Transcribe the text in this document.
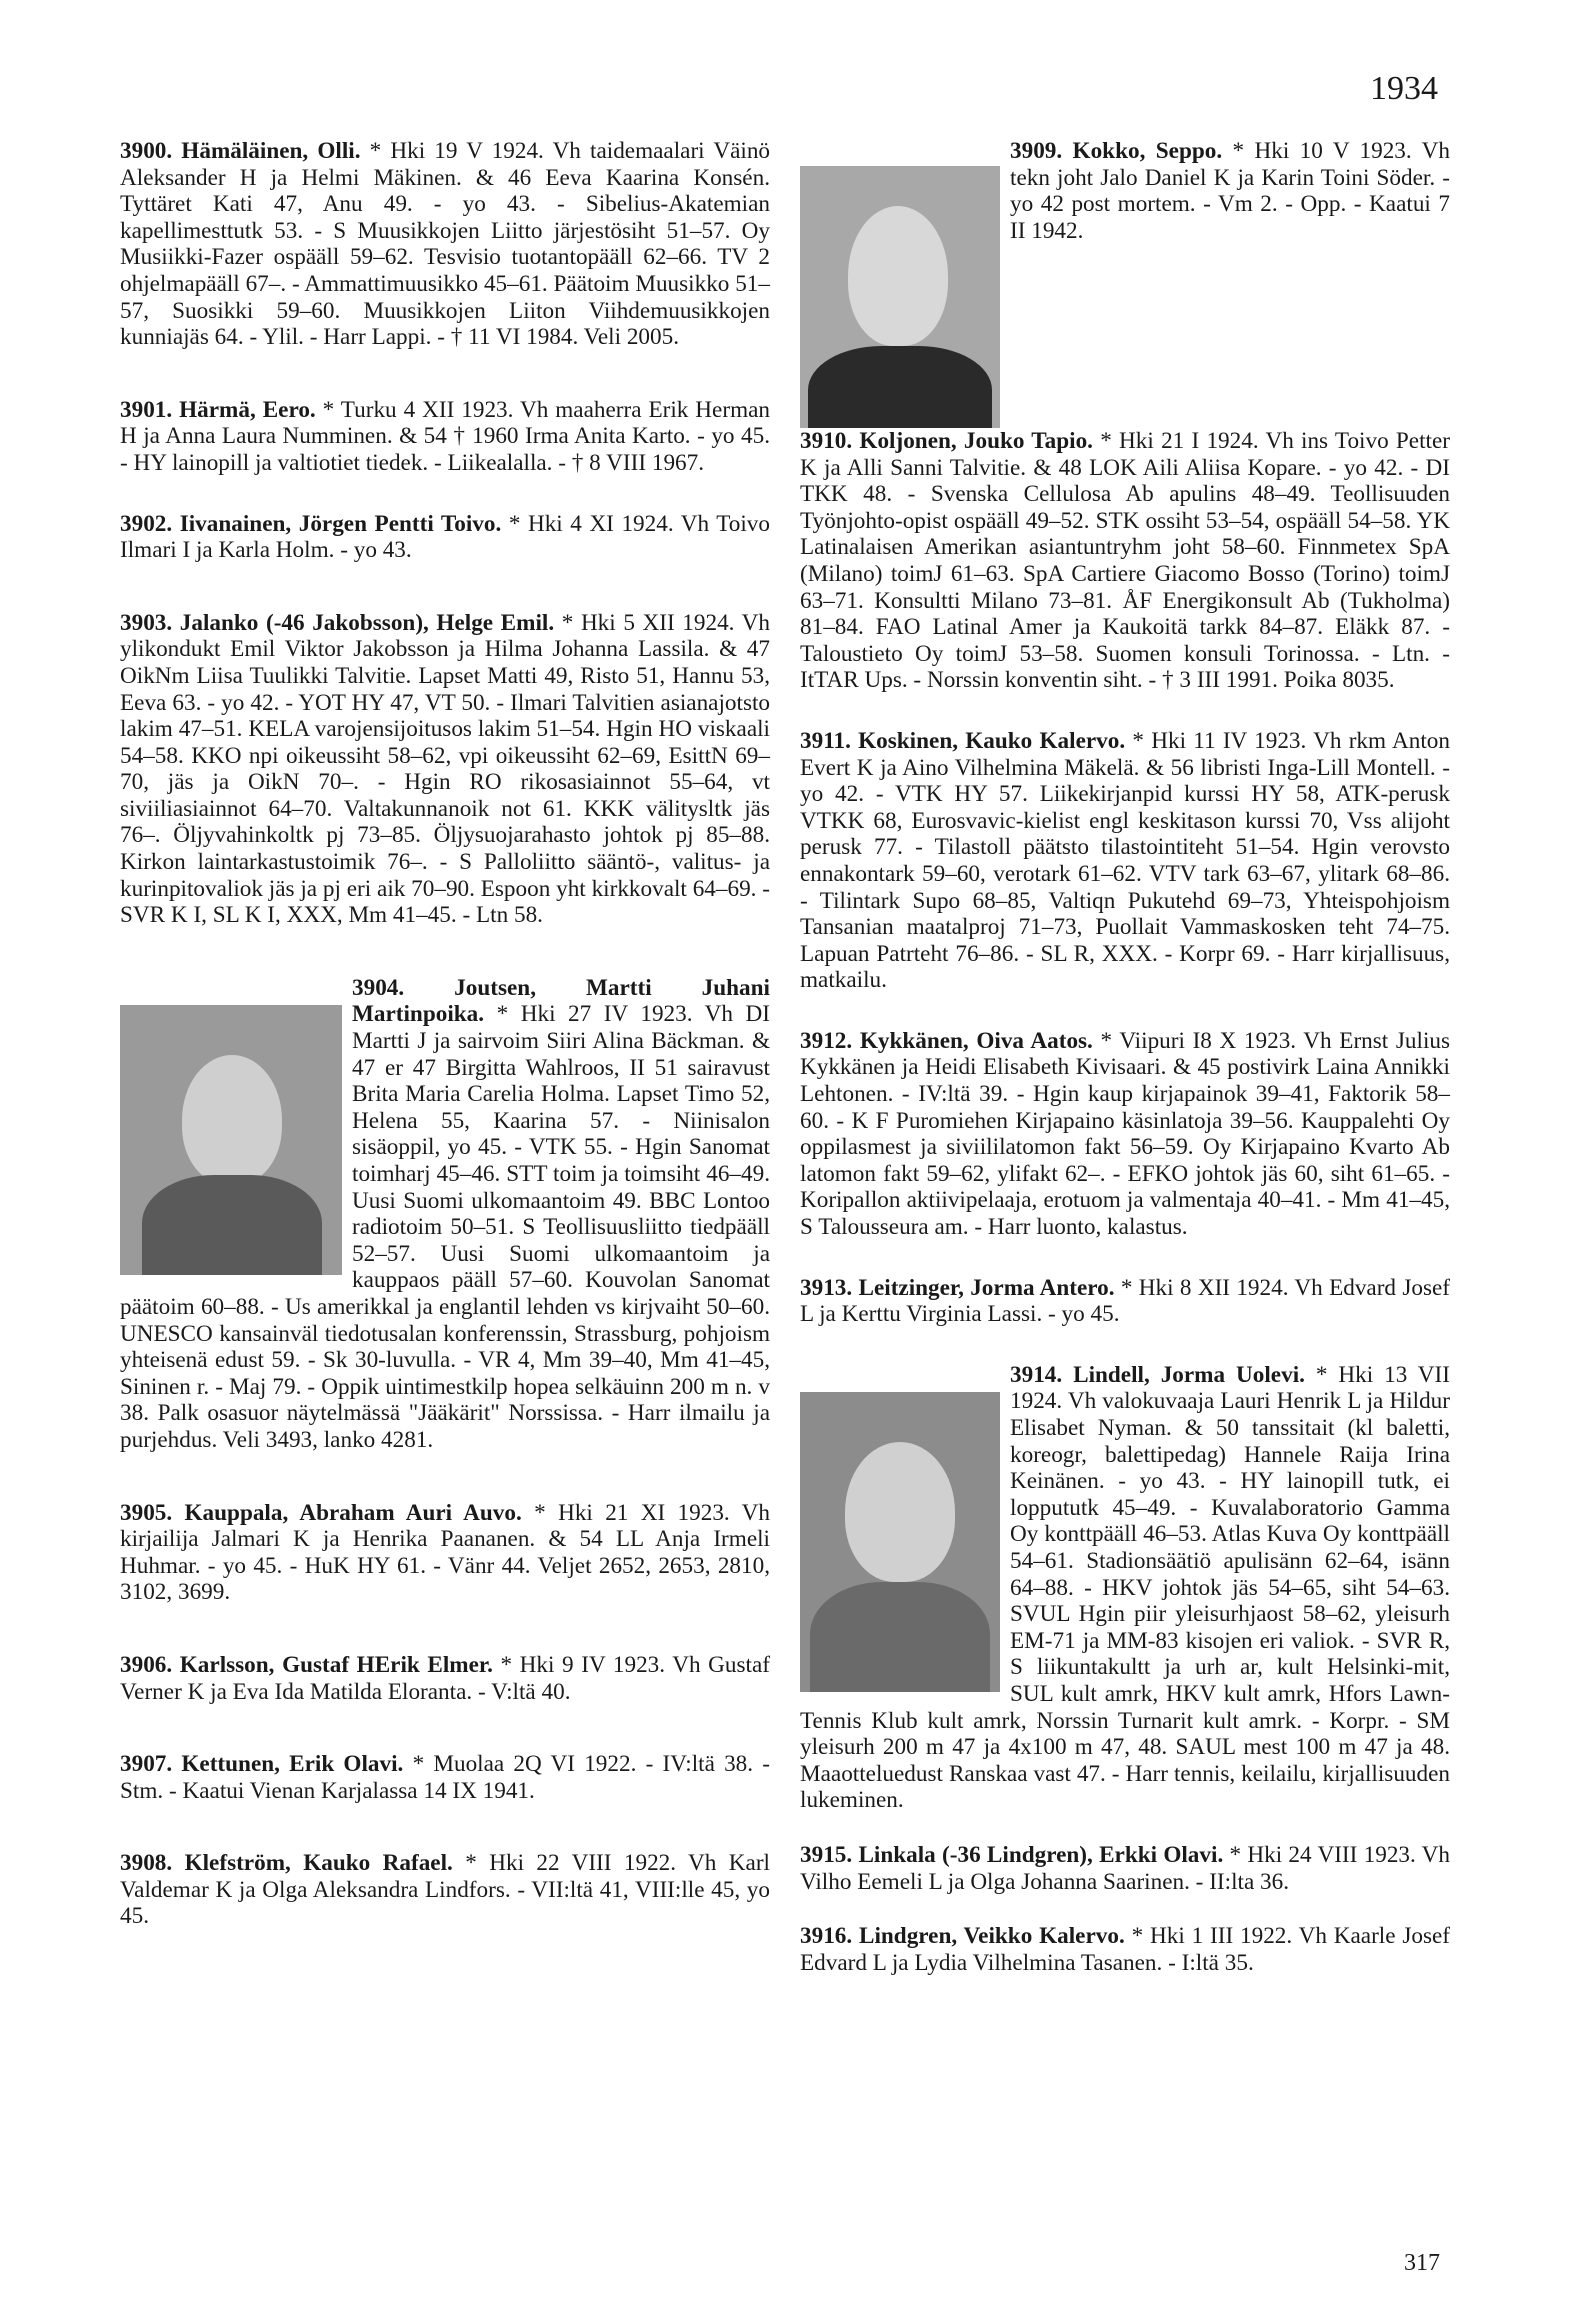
1934
3900. Hämäläinen, Olli. * Hki 19 V 1924. Vh taidemaalari Väinö Aleksander H ja Helmi Mäkinen. & 46 Eeva Kaarina Konsén. Tyttäret Kati 47, Anu 49. - yo 43. - Sibelius-Akatemian kapellimesttutk 53. - S Muusikkojen Liitto järjestösiht 51–57. Oy Musiikki-Fazer ospääll 59–62. Tesvisio tuotantopääll 62–66. TV 2 ohjelmapääll 67–. - Ammattimuusikko 45–61. Päätoim Muusikko 51–57, Suosikki 59–60. Muusikkojen Liiton Viihdemuusikkojen kunniajäs 64. - Ylil. - Harr Lappi. - † 11 VI 1984. Veli 2005.
3901. Härmä, Eero. * Turku 4 XII 1923. Vh maaherra Erik Herman H ja Anna Laura Numminen. & 54 † 1960 Irma Anita Karto. - yo 45. - HY lainopill ja valtiotiet tiedek. - Liikealalla. - † 8 VIII 1967.
3902. Iivanainen, Jörgen Pentti Toivo. * Hki 4 XI 1924. Vh Toivo Ilmari I ja Karla Holm. - yo 43.
3903. Jalanko (-46 Jakobsson), Helge Emil. * Hki 5 XII 1924. Vh ylikondukt Emil Viktor Jakobsson ja Hilma Johanna Lassila. & 47 OikNm Liisa Tuulikki Talvitie. Lapset Matti 49, Risto 51, Hannu 53, Eeva 63. - yo 42. - YOT HY 47, VT 50. - Ilmari Talvitien asianajotsto lakim 47–51. KELA varojensijoitusos lakim 51–54. Hgin HO viskaali 54–58. KKO npi oikeussiht 58–62, vpi oikeussiht 62–69, EsittN 69–70, jäs ja OikN 70–. - Hgin RO rikosasiainnot 55–64, vt siviiliasiainnot 64–70. Valtakunnanoik not 61. KKK välitysltk jäs 76–. Öljyvahinkoltk pj 73–85. Öljysuojarahasto johtok pj 85–88. Kirkon laintarkastustoimik 76–. - S Palloliitto sääntö-, valitus- ja kurinpitovaliok jäs ja pj eri aik 70–90. Espoon yht kirkkovalt 64–69. - SVR K I, SL K I, XXX, Mm 41–45. - Ltn 58.
3904. Joutsen, Martti Juhani Martinpoika. * Hki 27 IV 1923. Vh DI Martti J ja sairvoim Siiri Alina Bäckman. & 47 er 47 Birgitta Wahlroos, II 51 sairavust Brita Maria Carelia Holma. Lapset Timo 52, Helena 55, Kaarina 57. - Niinisalon sisäoppil, yo 45. - VTK 55. - Hgin Sanomat toimharj 45–46. STT toim ja toimsiht 46–49. Uusi Suomi ulkomaantoim 49. BBC Lontoo radiotoim 50–51. S Teollisuusliitto tiedpääll 52–57. Uusi Suomi ulkomaantoim ja kauppaos pääll 57–60. Kouvolan Sanomat päätoim 60–88. - Us amerikkal ja englantil lehden vs kirjvaiht 50–60. UNESCO kansainväl tiedotusalan konferenssin, Strassburg, pohjoism yhteisenä edust 59. - Sk 30-luvulla. - VR 4, Mm 39–40, Mm 41–45, Sininen r. - Maj 79. - Oppik uintimestkilp hopea selkäuinn 200 m n. v 38. Palk osasuor näytelmässä "Jääkärit" Norssissa. - Harr ilmailu ja purjehdus. Veli 3493, lanko 4281.
3905. Kauppala, Abraham Auri Auvo. * Hki 21 XI 1923. Vh kirjailija Jalmari K ja Henrika Paananen. & 54 LL Anja Irmeli Huhmar. - yo 45. - HuK HY 61. - Vänr 44. Veljet 2652, 2653, 2810, 3102, 3699.
3906. Karlsson, Gustaf HErik Elmer. * Hki 9 IV 1923. Vh Gustaf Verner K ja Eva Ida Matilda Eloranta. - V:ltä 40.
3907. Kettunen, Erik Olavi. * Muolaa 2Q VI 1922. - IV:ltä 38. - Stm. - Kaatui Vienan Karjalassa 14 IX 1941.
3908. Klefström, Kauko Rafael. * Hki 22 VIII 1922. Vh Karl Valdemar K ja Olga Aleksandra Lindfors. - VII:ltä 41, VIII:lle 45, yo 45.
3909. Kokko, Seppo. * Hki 10 V 1923. Vh tekn joht Jalo Daniel K ja Karin Toini Söder. - yo 42 post mortem. - Vm 2. - Opp. - Kaatui 7 II 1942.
3910. Koljonen, Jouko Tapio. * Hki 21 I 1924. Vh ins Toivo Petter K ja Alli Sanni Talvitie. & 48 LOK Aili Aliisa Kopare. - yo 42. - DI TKK 48. - Svenska Cellulosa Ab apulins 48–49. Teollisuuden Työnjohto-opist ospääll 49–52. STK ossiht 53–54, ospääll 54–58. YK Latinalaisen Amerikan asiantuntryhm joht 58–60. Finnmetex SpA (Milano) toimJ 61–63. SpA Cartiere Giacomo Bosso (Torino) toimJ 63–71. Konsultti Milano 73–81. ÅF Energikonsult Ab (Tukholma) 81–84. FAO Latinal Amer ja Kaukoitä tarkk 84–87. Eläkk 87. - Taloustieto Oy toimJ 53–58. Suomen konsuli Torinossa. - Ltn. - ItTAR Ups. - Norssin konventin siht. - † 3 III 1991. Poika 8035.
3911. Koskinen, Kauko Kalervo. * Hki 11 IV 1923. Vh rkm Anton Evert K ja Aino Vilhelmina Mäkelä. & 56 libristi Inga-Lill Montell. - yo 42. - VTK HY 57. Liikekirjanpid kurssi HY 58, ATK-perusk VTKK 68, Eurosvavic-kielist engl keskitason kurssi 70, Vss alijoht perusk 77. - Tilastoll päätsto tilastointiteht 51–54. Hgin verovsto ennakontark 59–60, verotark 61–62. VTV tark 63–67, ylitark 68–86. - Tilintark Supo 68–85, Valtiqn Pukutehd 69–73, Yhteispohjoism Tansanian maatalproj 71–73, Puollait Vammaskosken teht 74–75. Lapuan Patrteht 76–86. - SL R, XXX. - Korpr 69. - Harr kirjallisuus, matkailu.
3912. Kykkänen, Oiva Aatos. * Viipuri I8 X 1923. Vh Ernst Julius Kykkänen ja Heidi Elisabeth Kivisaari. & 45 postivirk Laina Annikki Lehtonen. - IV:ltä 39. - Hgin kaup kirjapainok 39–41, Faktorik 58–60. - K F Puromiehen Kirjapaino käsinlatoja 39–56. Kauppalehti Oy oppilasmest ja siviililatomon fakt 56–59. Oy Kirjapaino Kvarto Ab latomon fakt 59–62, ylifakt 62–. - EFKO johtok jäs 60, siht 61–65. - Koripallon aktiivipelaaja, erotuom ja valmentaja 40–41. - Mm 41–45, S Talousseura am. - Harr luonto, kalastus.
3913. Leitzinger, Jorma Antero. * Hki 8 XII 1924. Vh Edvard Josef L ja Kerttu Virginia Lassi. - yo 45.
3914. Lindell, Jorma Uolevi. * Hki 13 VII 1924. Vh valokuvaaja Lauri Henrik L ja Hildur Elisabet Nyman. & 50 tanssitait (kl baletti, koreogr, balettipedag) Hannele Raija Irina Keinänen. - yo 43. - HY lainopill tutk, ei loppututk 45–49. - Kuvalaboratorio Gamma Oy konttpääll 46–53. Atlas Kuva Oy konttpääll 54–61. Stadionsäätiö apulisänn 62–64, isänn 64–88. - HKV johtok jäs 54–65, siht 54–63. SVUL Hgin piir yleisurhjaost 58–62, yleisurh EM-71 ja MM-83 kisojen eri valiok. - SVR R, S liikuntakultt ja urh ar, kult Helsinki-mit, SUL kult amrk, HKV kult amrk, Hfors Lawn-Tennis Klub kult amrk, Norssin Turnarit kult amrk. - Korpr. - SM yleisurh 200 m 47 ja 4x100 m 47, 48. SAUL mest 100 m 47 ja 48. Maaotteluedust Ranskaa vast 47. - Harr tennis, keilailu, kirjallisuuden lukeminen.
3915. Linkala (-36 Lindgren), Erkki Olavi. * Hki 24 VIII 1923. Vh Vilho Eemeli L ja Olga Johanna Saarinen. - II:lta 36.
3916. Lindgren, Veikko Kalervo. * Hki 1 III 1922. Vh Kaarle Josef Edvard L ja Lydia Vilhelmina Tasanen. - I:ltä 35.
317
